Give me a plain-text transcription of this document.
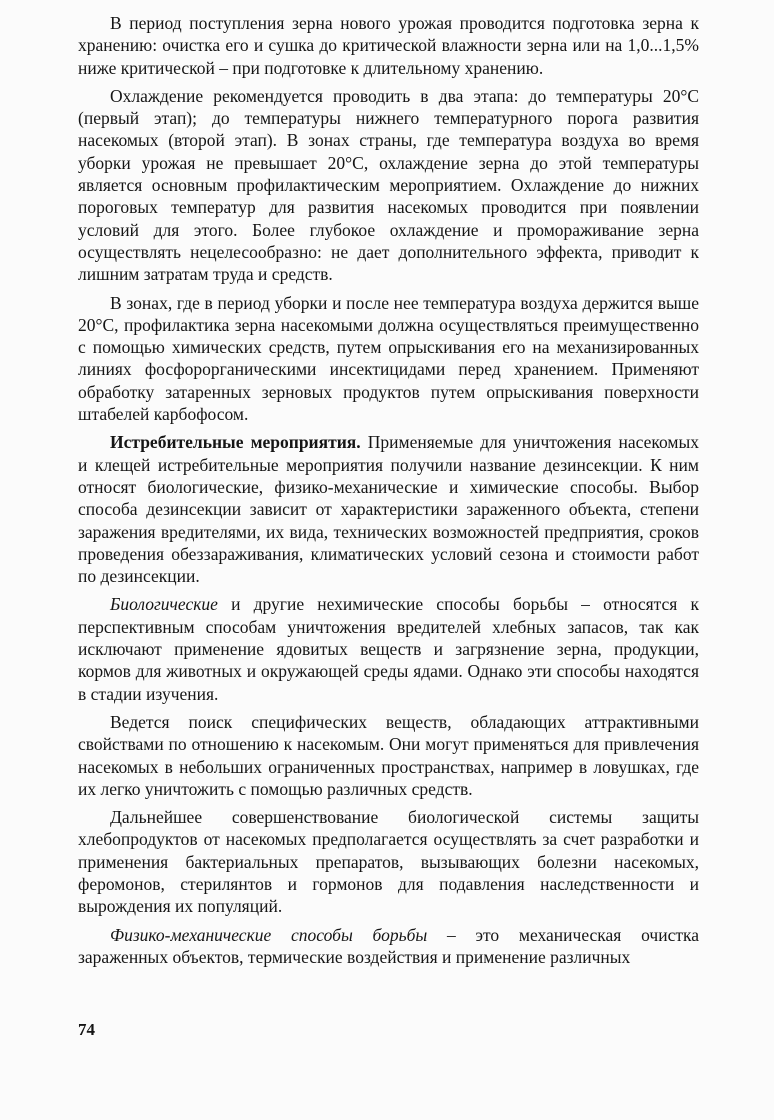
В период поступления зерна нового урожая проводится подготовка зерна к хранению: очистка его и сушка до критической влажности зерна или на 1,0...1,5% ниже критической – при подготовке к длительному хранению.

Охлаждение рекомендуется проводить в два этапа: до температуры 20°С (первый этап); до температуры нижнего температурного порога развития насекомых (второй этап). В зонах страны, где температура воздуха во время уборки урожая не превышает 20°С, охлаждение зерна до этой температуры является основным профилактическим мероприятием. Охлаждение до нижних пороговых температур для развития насекомых проводится при появлении условий для этого. Более глубокое охлаждение и промораживание зерна осуществлять нецелесообразно: не дает дополнительного эффекта, приводит к лишним затратам труда и средств.

В зонах, где в период уборки и после нее температура воздуха держится выше 20°С, профилактика зерна насекомыми должна осуществляться преимущественно с помощью химических средств, путем опрыскивания его на механизированных линиях фосфорорганическими инсектицидами перед хранением. Применяют обработку затаренных зерновых продуктов путем опрыскивания поверхности штабелей карбофосом.

Истребительные мероприятия. Применяемые для уничтожения насекомых и клещей истребительные мероприятия получили название дезинсекции. К ним относят биологические, физико-механические и химические способы. Выбор способа дезинсекции зависит от характеристики зараженного объекта, степени заражения вредителями, их вида, технических возможностей предприятия, сроков проведения обеззараживания, климатических условий сезона и стоимости работ по дезинсекции.

Биологические и другие нехимические способы борьбы – относятся к перспективным способам уничтожения вредителей хлебных запасов, так как исключают применение ядовитых веществ и загрязнение зерна, продукции, кормов для животных и окружающей среды ядами. Однако эти способы находятся в стадии изучения.

Ведется поиск специфических веществ, обладающих аттрактивными свойствами по отношению к насекомым. Они могут применяться для привлечения насекомых в небольших ограниченных пространствах, например в ловушках, где их легко уничтожить с помощью различных средств.

Дальнейшее совершенствование биологической системы защиты хлебопродуктов от насекомых предполагается осуществлять за счет разработки и применения бактериальных препаратов, вызывающих болезни насекомых, феромонов, стерилянтов и гормонов для подавления наследственности и вырождения их популяций.

Физико-механические способы борьбы – это механическая очистка зараженных объектов, термические воздействия и применение различных

74
